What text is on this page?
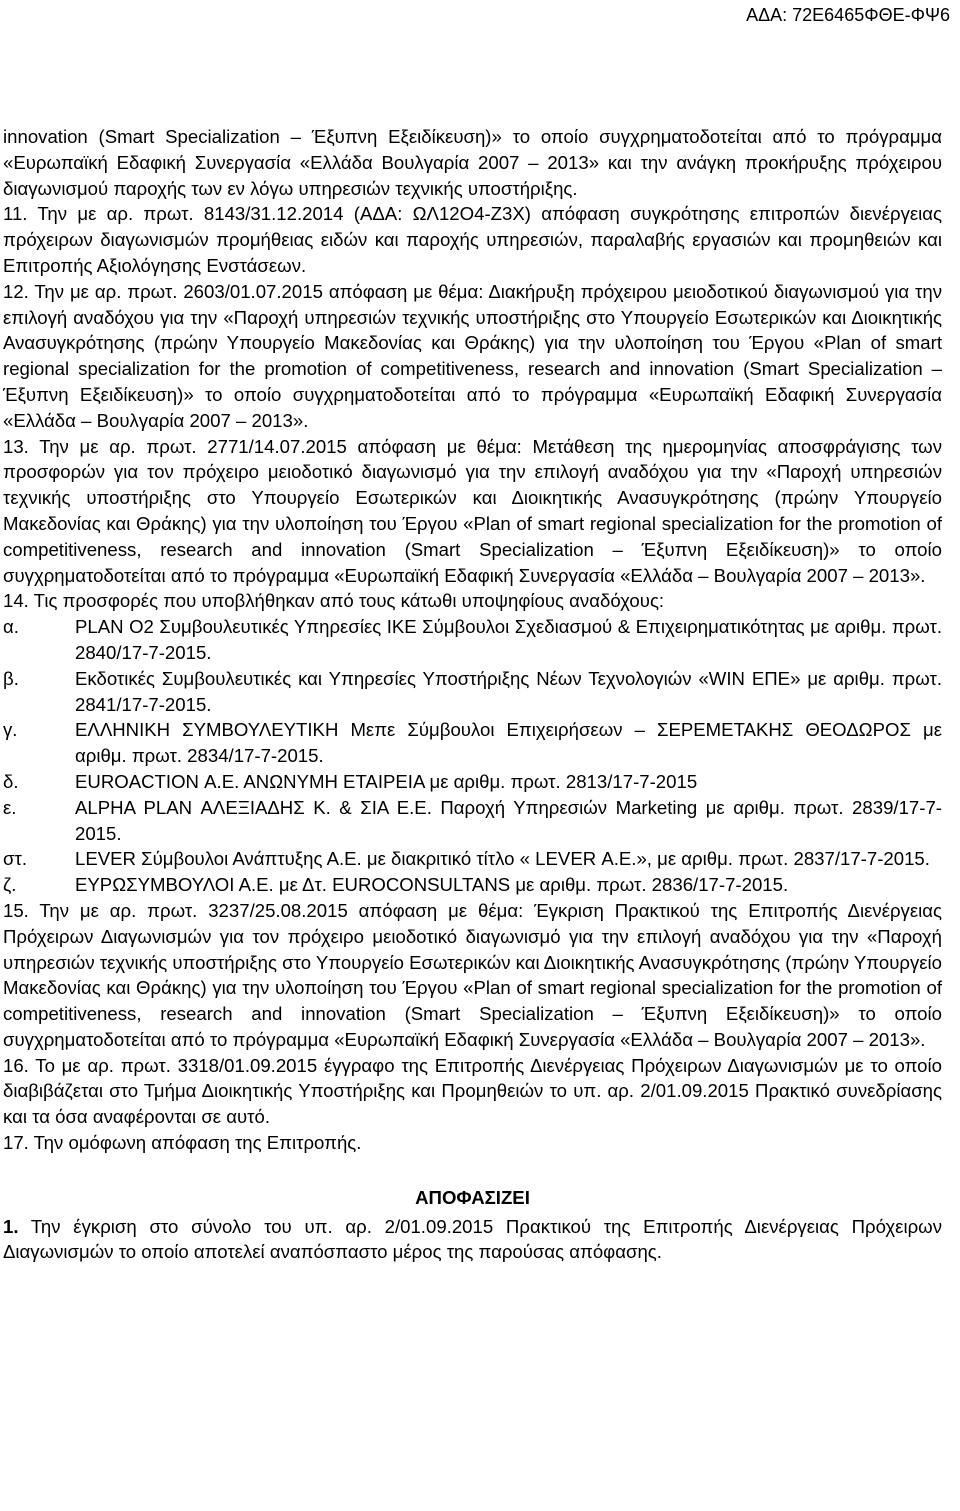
ΑΔΑ: 72Ε6465ΦΘΕ-ΦΨ6

innovation (Smart Specialization – Έξυπνη Εξειδίκευση)» το οποίο συγχρηματοδοτείται από το πρόγραμμα «Ευρωπαϊκή Εδαφική Συνεργασία «Ελλάδα Βουλγαρία 2007 – 2013» και την ανάγκη προκήρυξης πρόχειρου διαγωνισμού παροχής των εν λόγω υπηρεσιών τεχνικής υποστήριξης.

11. Την με αρ. πρωτ. 8143/31.12.2014 (ΑΔΑ: ΩΛ12Ο4-Ζ3Χ) απόφαση συγκρότησης επιτροπών διενέργειας πρόχειρων διαγωνισμών προμήθειας ειδών και παροχής υπηρεσιών, παραλαβής εργασιών και προμηθειών και Επιτροπής Αξιολόγησης Ενστάσεων.

12. Την με αρ. πρωτ. 2603/01.07.2015 απόφαση με θέμα: Διακήρυξη πρόχειρου μειοδοτικού διαγωνισμού για την επιλογή αναδόχου για την «Παροχή υπηρεσιών τεχνικής υποστήριξης στο Υπουργείο Εσωτερικών και Διοικητικής Ανασυγκρότησης (πρώην Υπουργείο Μακεδονίας και Θράκης) για την υλοποίηση του Έργου «Plan of smart regional specialization for the promotion of competitiveness, research and innovation (Smart Specialization – Έξυπνη Εξειδίκευση)» το οποίο συγχρηματοδοτείται από το πρόγραμμα «Ευρωπαϊκή Εδαφική Συνεργασία «Ελλάδα – Βουλγαρία 2007 – 2013».

13. Την με αρ. πρωτ. 2771/14.07.2015 απόφαση με θέμα: Μετάθεση της ημερομηνίας αποσφράγισης των προσφορών για τον πρόχειρο μειοδοτικό διαγωνισμό για την επιλογή αναδόχου για την «Παροχή υπηρεσιών τεχνικής υποστήριξης στο Υπουργείο Εσωτερικών και Διοικητικής Ανασυγκρότησης (πρώην Υπουργείο Μακεδονίας και Θράκης) για την υλοποίηση του Έργου «Plan of smart regional specialization for the promotion of competitiveness, research and innovation (Smart Specialization – Έξυπνη Εξειδίκευση)» το οποίο συγχρηματοδοτείται από το πρόγραμμα «Ευρωπαϊκή Εδαφική Συνεργασία «Ελλάδα – Βουλγαρία 2007 – 2013».

14. Τις προσφορές που υποβλήθηκαν από τους κάτωθι υποψηφίους αναδόχους:

α.	PLAN O2 Συμβουλευτικές Υπηρεσίες ΙΚΕ Σύμβουλοι Σχεδιασμού & Επιχειρηματικότητας με αριθμ. πρωτ. 2840/17-7-2015.
β.	Εκδοτικές Συμβουλευτικές και Υπηρεσίες Υποστήριξης Νέων Τεχνολογιών «WIN ΕΠΕ» με αριθμ. πρωτ. 2841/17-7-2015.
γ.	ΕΛΛΗΝΙΚΗ ΣΥΜΒΟΥΛΕΥΤΙΚΗ Μεπε Σύμβουλοι Επιχειρήσεων – ΣΕΡΕΜΕΤΑΚΗΣ ΘΕΟΔΩΡΟΣ με αριθμ. πρωτ. 2834/17-7-2015.
δ.	EUROACTION Α.Ε. ΑΝΩΝΥΜΗ ΕΤΑΙΡΕΙΑ με αριθμ. πρωτ. 2813/17-7-2015
ε.	ALPHA PLAN ΑΛΕΞΙΑΔΗΣ Κ. & ΣΙΑ Ε.Ε. Παροχή Υπηρεσιών Marketing με αριθμ. πρωτ. 2839/17-7-2015.
στ.	LEVER Σύμβουλοι Ανάπτυξης Α.Ε. με διακριτικό τίτλο « LEVER Α.Ε.», με αριθμ. πρωτ. 2837/17-7-2015.
ζ.	ΕΥΡΩΣΥΜΒΟΥΛΟΙ Α.Ε. με Δτ. EUROCONSULTANS με αριθμ. πρωτ. 2836/17-7-2015.

15. Την με αρ. πρωτ. 3237/25.08.2015 απόφαση με θέμα: Έγκριση Πρακτικού της Επιτροπής Διενέργειας Πρόχειρων Διαγωνισμών για τον πρόχειρο μειοδοτικό διαγωνισμό για την επιλογή αναδόχου για την «Παροχή υπηρεσιών τεχνικής υποστήριξης στο Υπουργείο Εσωτερικών και Διοικητικής Ανασυγκρότησης (πρώην Υπουργείο Μακεδονίας και Θράκης) για την υλοποίηση του Έργου «Plan of smart regional specialization for the promotion of competitiveness, research and innovation (Smart Specialization – Έξυπνη Εξειδίκευση)» το οποίο συγχρηματοδοτείται από το πρόγραμμα «Ευρωπαϊκή Εδαφική Συνεργασία «Ελλάδα – Βουλγαρία 2007 – 2013».

16. Το με αρ. πρωτ. 3318/01.09.2015 έγγραφο της Επιτροπής Διενέργειας Πρόχειρων Διαγωνισμών με το οποίο διαβιβάζεται στο Τμήμα Διοικητικής Υποστήριξης και Προμηθειών το υπ. αρ. 2/01.09.2015 Πρακτικό συνεδρίασης και τα όσα αναφέρονται σε αυτό.

17. Την ομόφωνη απόφαση της Επιτροπής.

ΑΠΟΦΑΣΙΖΕΙ

1. Την έγκριση στο σύνολο του υπ. αρ. 2/01.09.2015 Πρακτικού της Επιτροπής Διενέργειας Πρόχειρων Διαγωνισμών το οποίο αποτελεί αναπόσπαστο μέρος της παρούσας απόφασης.
